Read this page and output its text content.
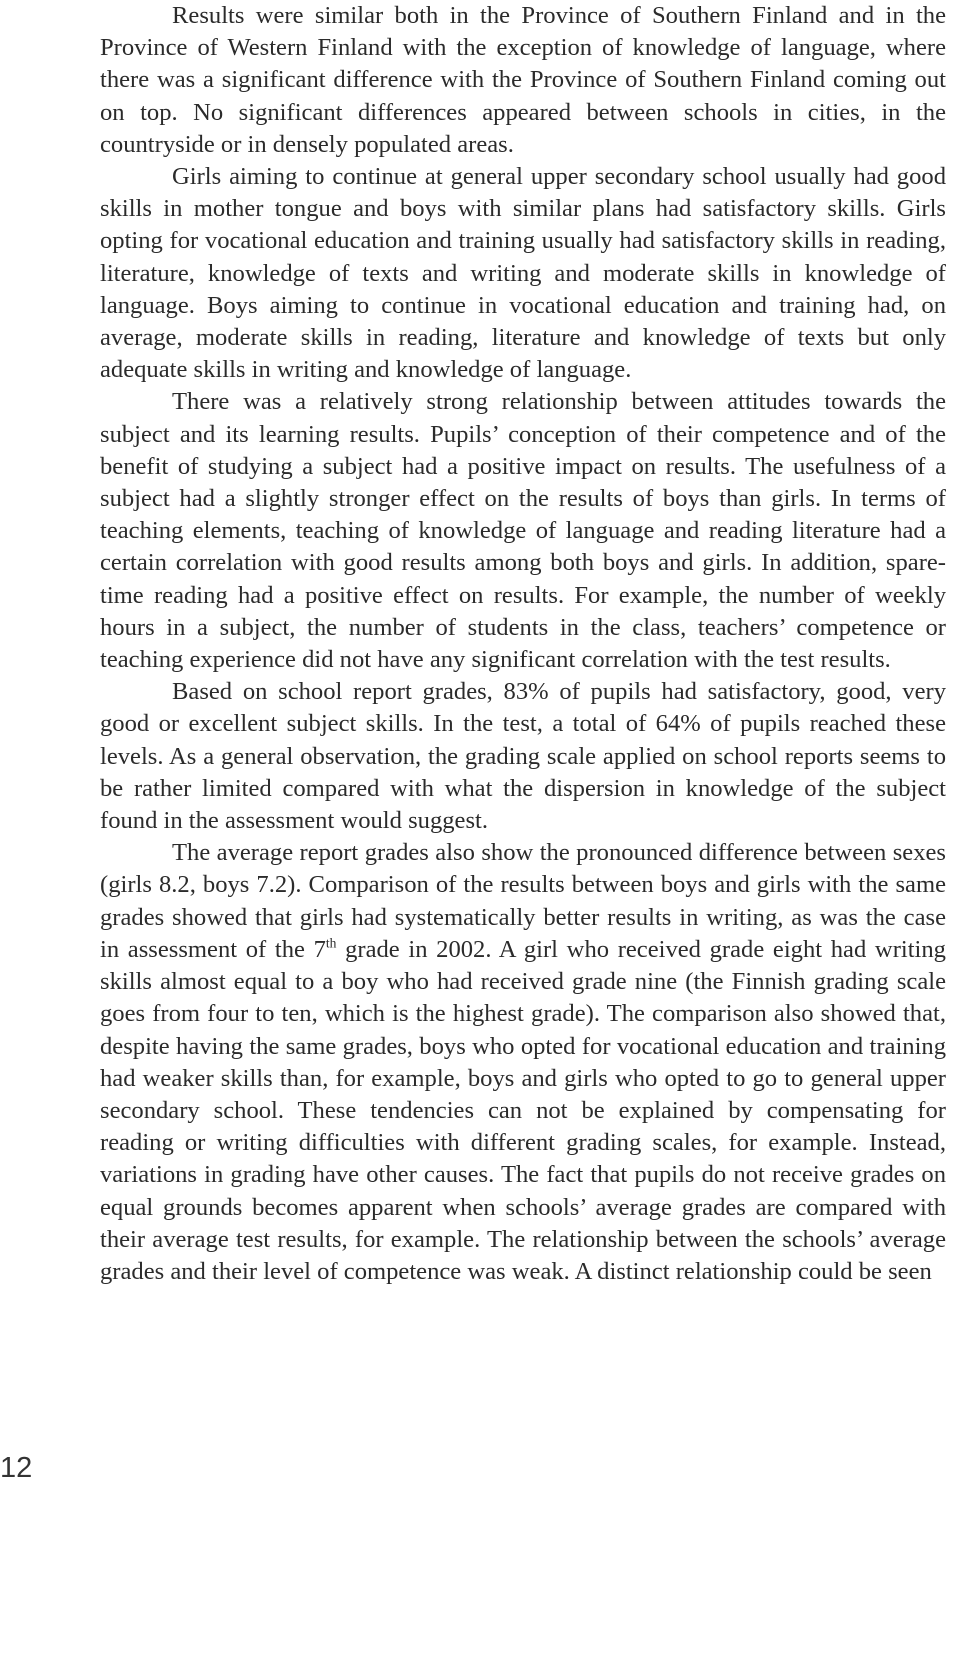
Results were similar both in the Province of Southern Finland and in the Province of Western Finland with the exception of knowledge of language, where there was a significant difference with the Province of Southern Finland coming out on top. No significant differences appeared between schools in cities, in the countryside or in densely populated areas.

Girls aiming to continue at general upper secondary school usually had good skills in mother tongue and boys with similar plans had satisfactory skills. Girls opting for vocational education and training usually had satisfactory skills in reading, literature, knowledge of texts and writing and moderate skills in knowledge of language. Boys aiming to continue in vocational education and training had, on average, moderate skills in reading, literature and knowledge of texts but only adequate skills in writing and knowledge of language.

There was a relatively strong relationship between attitudes towards the subject and its learning results. Pupils’ conception of their competence and of the benefit of studying a subject had a positive impact on results. The usefulness of a subject had a slightly stronger effect on the results of boys than girls. In terms of teaching elements, teaching of knowledge of language and reading literature had a certain correlation with good results among both boys and girls. In addition, spare-time reading had a positive effect on results. For example, the number of weekly hours in a subject, the number of students in the class, teachers’ competence or teaching experience did not have any significant correlation with the test results.

Based on school report grades, 83% of pupils had satisfactory, good, very good or excellent subject skills. In the test, a total of 64% of pupils reached these levels. As a general observation, the grading scale applied on school reports seems to be rather limited compared with what the dispersion in knowledge of the subject found in the assessment would suggest.

The average report grades also show the pronounced difference between sexes (girls 8.2, boys 7.2). Comparison of the results between boys and girls with the same grades showed that girls had systematically better results in writing, as was the case in assessment of the 7th grade in 2002. A girl who received grade eight had writing skills almost equal to a boy who had received grade nine (the Finnish grading scale goes from four to ten, which is the highest grade). The comparison also showed that, despite having the same grades, boys who opted for vocational education and training had weaker skills than, for example, boys and girls who opted to go to general upper secondary school. These tendencies can not be explained by compensating for reading or writing difficulties with different grading scales, for example. Instead, variations in grading have other causes. The fact that pupils do not receive grades on equal grounds becomes apparent when schools’ average grades are compared with their average test results, for example. The relationship between the schools’ average grades and their level of competence was weak. A distinct relationship could be seen

12
